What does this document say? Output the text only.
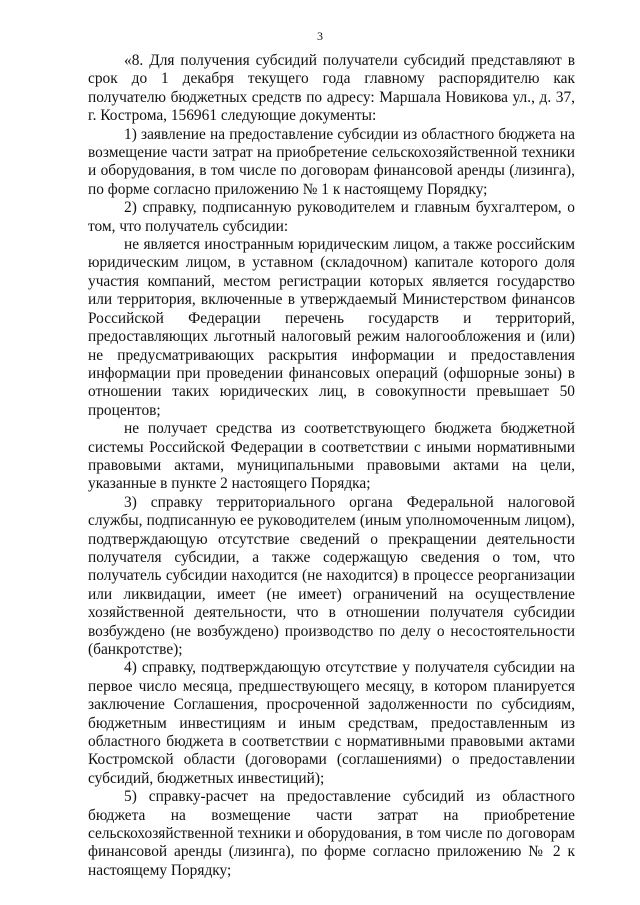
3

«8. Для получения субсидий получатели субсидий представляют в срок до 1 декабря текущего года главному распорядителю как получателю бюджетных средств по адресу: Маршала Новикова ул., д. 37, г. Кострома, 156961 следующие документы:

1) заявление на предоставление субсидии из областного бюджета на возмещение части затрат на приобретение сельскохозяйственной техники и оборудования, в том числе по договорам финансовой аренды (лизинга), по форме согласно приложению № 1 к настоящему Порядку;

2) справку, подписанную руководителем и главным бухгалтером, о том, что получатель субсидии:

не является иностранным юридическим лицом, а также российским юридическим лицом, в уставном (складочном) капитале которого доля участия компаний, местом регистрации которых является государство или территория, включенные в утверждаемый Министерством финансов Российской Федерации перечень государств и территорий, предоставляющих льготный налоговый режим налогообложения и (или) не предусматривающих раскрытия информации и предоставления информации при проведении финансовых операций (офшорные зоны) в отношении таких юридических лиц, в совокупности превышает 50 процентов;

не получает средства из соответствующего бюджета бюджетной системы Российской Федерации в соответствии с иными нормативными правовыми актами, муниципальными правовыми актами на цели, указанные в пункте 2 настоящего Порядка;

3) справку территориального органа Федеральной налоговой службы, подписанную ее руководителем (иным уполномоченным лицом), подтверждающую отсутствие сведений о прекращении деятельности получателя субсидии, а также содержащую сведения о том, что получатель субсидии находится (не находится) в процессе реорганизации или ликвидации, имеет (не имеет) ограничений на осуществление хозяйственной деятельности, что в отношении получателя субсидии возбуждено (не возбуждено) производство по делу о несостоятельности (банкротстве);

4) справку, подтверждающую отсутствие у получателя субсидии на первое число месяца, предшествующего месяцу, в котором планируется заключение Соглашения, просроченной задолженности по субсидиям, бюджетным инвестициям и иным средствам, предоставленным из областного бюджета в соответствии с нормативными правовыми актами Костромской области (договорами (соглашениями) о предоставлении субсидий, бюджетных инвестиций);

5) справку-расчет на предоставление субсидий из областного бюджета на возмещение части затрат на приобретение сельскохозяйственной техники и оборудования, в том числе по договорам финансовой аренды (лизинга), по форме согласно приложению № 2 к настоящему Порядку;
